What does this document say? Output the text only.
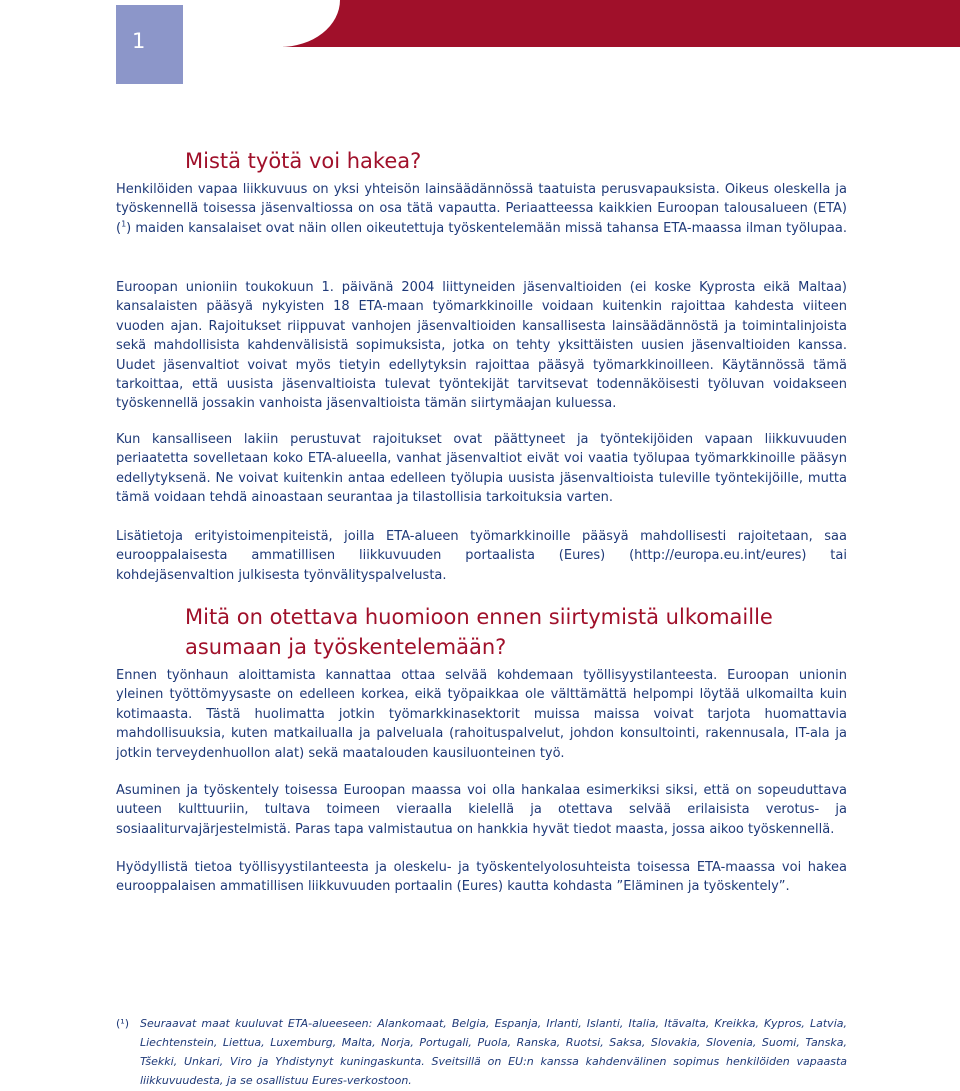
1
Mistä työtä voi hakea?

Henkilöiden vapaa liikkuvuus on yksi yhteisön lainsäädännössä taatuista perusvapauksista. Oikeus oleskella ja työskennellä toisessa jäsenvaltiossa on osa tätä vapautta. Periaatteessa kaikkien Euroopan talousalueen (ETA) ($^1$) maiden kansalaiset ovat näin ollen oikeutettuja työskentelemään missä tahansa ETA-maassa ilman työlupaa.

Euroopan unioniin toukokuun 1. päivänä 2004 liittyneiden jäsenvaltioiden (ei koske Kyprosta eikä Maltaa) kansalaisten pääsyä nykyisten 18 ETA-maan työmarkkinoille voidaan kuitenkin rajoittaa kahdesta viiteen vuoden ajan. Rajoitukset riippuvat vanhojen jäsenvaltioiden kansallisesta lainsäädännöstä ja toimintalinjoista sekä mahdollisista kahdenvälisistä sopimuksista, jotka on tehty yksittäisten uusien jäsenvaltioiden kanssa. Uudet jäsenvaltiot voivat myös tietyin edellytyksin rajoittaa pääsyä työmarkkinoilleen. Käytännössä tämä tarkoittaa, että uusista jäsenvaltioista tulevat työntekijät tarvitsevat todennäköisesti työluvan voidakseen työskennellä jossakin vanhoista jäsenvaltioista tämän siirtymäajan kuluessa.

Kun kansalliseen lakiin perustuvat rajoitukset ovat päättyneet ja työntekijöiden vapaan liikkuvuuden periaatetta sovelletaan koko ETA-alueella, vanhat jäsenvaltiot eivät voi vaatia työlupaa työmarkkinoille pääsyn edellytyksenä. Ne voivat kuitenkin antaa edelleen työlupia uusista jäsenvaltioista tuleville työntekijöille, mutta tämä voidaan tehdä ainoastaan seurantaa ja tilastollisia tarkoituksia varten.

Lisätietoja erityistoimenpiteistä, joilla ETA-alueen työmarkkinoille pääsyä mahdollisesti rajoitetaan, saa eurooppalaisesta ammatillisen liikkuvuuden portaalista (Eures) (http://europa.eu.int/eures) tai kohdejäsenvaltion julkisesta työnvälityspalvelusta.

Mitä on otettava huomioon ennen siirtymistä ulkomaille
asumaan ja työskentelemään?

Ennen työnhaun aloittamista kannattaa ottaa selvää kohdemaan työllisyystilanteesta. Euroopan unionin yleinen työttömyysaste on edelleen korkea, eikä työpaikkaa ole välttämättä helpompi löytää ulkomailta kuin kotimaasta. Tästä huolimatta jotkin työmarkkinasektorit muissa maissa voivat tarjota huomattavia mahdollisuuksia, kuten matkailualla ja palveluala (rahoituspalvelut, johdon konsultointi, rakennusala, IT-ala ja jotkin terveydenhuollon alat) sekä maatalouden kausiluonteinen työ.

Asuminen ja työskentely toisessa Euroopan maassa voi olla hankalaa esimerkiksi siksi, että on sopeuduttava uuteen kulttuuriin, tultava toimeen vieraalla kielellä ja otettava selvää erilaisista verotus- ja sosiaaliturvajärjestelmistä. Paras tapa valmistautua on hankkia hyvät tiedot maasta, jossa aikoo työskennellä.

Hyödyllistä tietoa työllisyystilanteesta ja oleskelu- ja työskentelyolosuhteista toisessa ETA-maassa voi hakea eurooppalaisen ammatillisen liikkuvuuden portaalin (Eures) kautta kohdasta ”Eläminen ja työskentely”.

(¹) Seuraavat maat kuuluvat ETA-alueeseen: Alankomaat, Belgia, Espanja, Irlanti, Islanti, Italia, Itävalta, Kreikka, Kypros, Latvia, Liechtenstein, Liettua, Luxemburg, Malta, Norja, Portugali, Puola, Ranska, Ruotsi, Saksa, Slovakia, Slovenia, Suomi, Tanska, Tšekki, Unkari, Viro ja Yhdistynyt kuningaskunta. Sveitsillä on EU:n kanssa kahdenvälinen sopimus henkilöiden vapaasta liikkuvuudesta, ja se osallistuu Eures-verkostoon.
